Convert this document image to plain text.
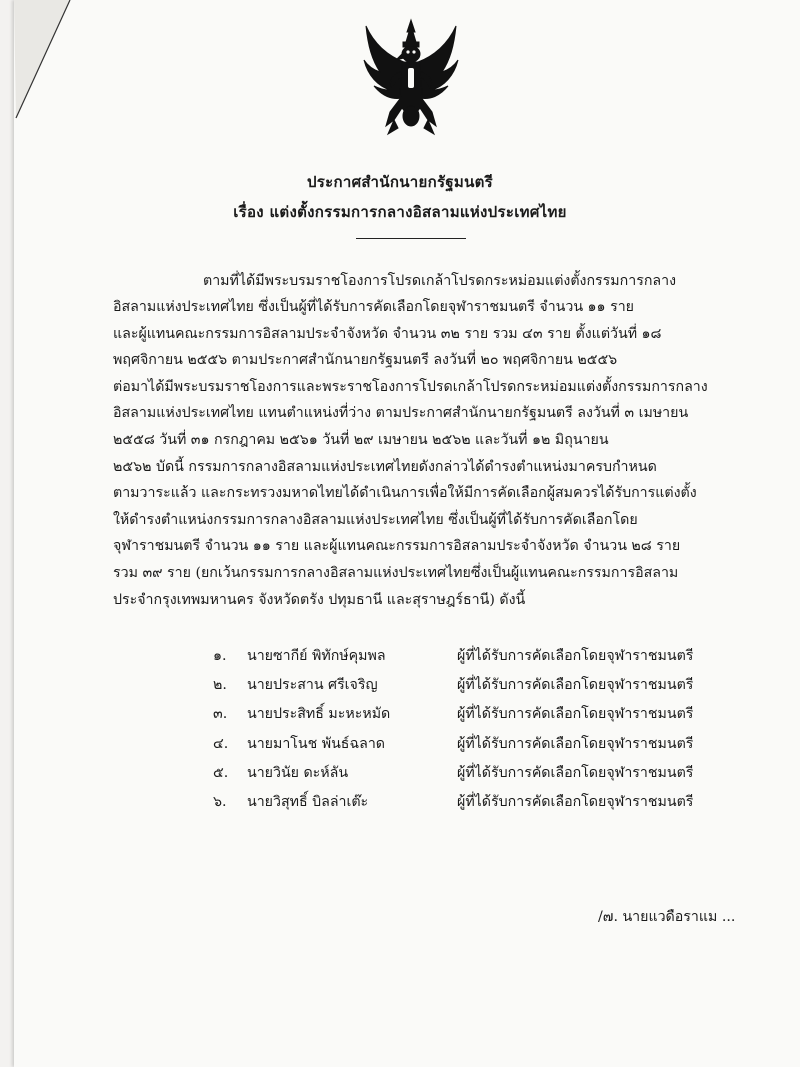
ประกาศสำนักนายกรัฐมนตรี
เรื่อง แต่งตั้งกรรมการกลางอิสลามแห่งประเทศไทย
ตามที่ได้มีพระบรมราชโองการโปรดเกล้าโปรดกระหม่อมแต่งตั้งกรรมการกลาง
อิสลามแห่งประเทศไทย ซึ่งเป็นผู้ที่ได้รับการคัดเลือกโดยจุฬาราชมนตรี จำนวน ๑๑ ราย
และผู้แทนคณะกรรมการอิสลามประจำจังหวัด จำนวน ๓๒ ราย รวม ๔๓ ราย ตั้งแต่วันที่ ๑๘
พฤศจิกายน ๒๕๕๖ ตามประกาศสำนักนายกรัฐมนตรี ลงวันที่ ๒๐ พฤศจิกายน ๒๕๕๖
ต่อมาได้มีพระบรมราชโองการและพระราชโองการโปรดเกล้าโปรดกระหม่อมแต่งตั้งกรรมการกลาง
อิสลามแห่งประเทศไทย แทนตำแหน่งที่ว่าง ตามประกาศสำนักนายกรัฐมนตรี ลงวันที่ ๓ เมษายน
๒๕๕๘ วันที่ ๓๑ กรกฎาคม ๒๕๖๑ วันที่ ๒๙ เมษายน ๒๕๖๒ และวันที่ ๑๒ มิถุนายน
๒๕๖๒ บัดนี้ กรรมการกลางอิสลามแห่งประเทศไทยดังกล่าวได้ดำรงตำแหน่งมาครบกำหนด
ตามวาระแล้ว และกระทรวงมหาดไทยได้ดำเนินการเพื่อให้มีการคัดเลือกผู้สมควรได้รับการแต่งตั้ง
ให้ดำรงตำแหน่งกรรมการกลางอิสลามแห่งประเทศไทย ซึ่งเป็นผู้ที่ได้รับการคัดเลือกโดย
จุฬาราชมนตรี จำนวน ๑๑ ราย และผู้แทนคณะกรรมการอิสลามประจำจังหวัด จำนวน ๒๘ ราย
รวม ๓๙ ราย (ยกเว้นกรรมการกลางอิสลามแห่งประเทศไทยซึ่งเป็นผู้แทนคณะกรรมการอิสลาม
ประจำกรุงเทพมหานคร จังหวัดตรัง ปทุมธานี และสุราษฎร์ธานี) ดังนี้
๑.	นายซากีย์ พิทักษ์คุมพล	ผู้ที่ได้รับการคัดเลือกโดยจุฬาราชมนตรี
๒.	นายประสาน ศรีเจริญ	ผู้ที่ได้รับการคัดเลือกโดยจุฬาราชมนตรี
๓.	นายประสิทธิ์ มะหะหมัด	ผู้ที่ได้รับการคัดเลือกโดยจุฬาราชมนตรี
๔.	นายมาโนช พันธ์ฉลาด	ผู้ที่ได้รับการคัดเลือกโดยจุฬาราชมนตรี
๕.	นายวินัย ดะห์ลัน	ผู้ที่ได้รับการคัดเลือกโดยจุฬาราชมนตรี
๖.	นายวิสุทธิ์ บิลล่าเต๊ะ	ผู้ที่ได้รับการคัดเลือกโดยจุฬาราชมนตรี
/๗. นายแวดือราแม ...
